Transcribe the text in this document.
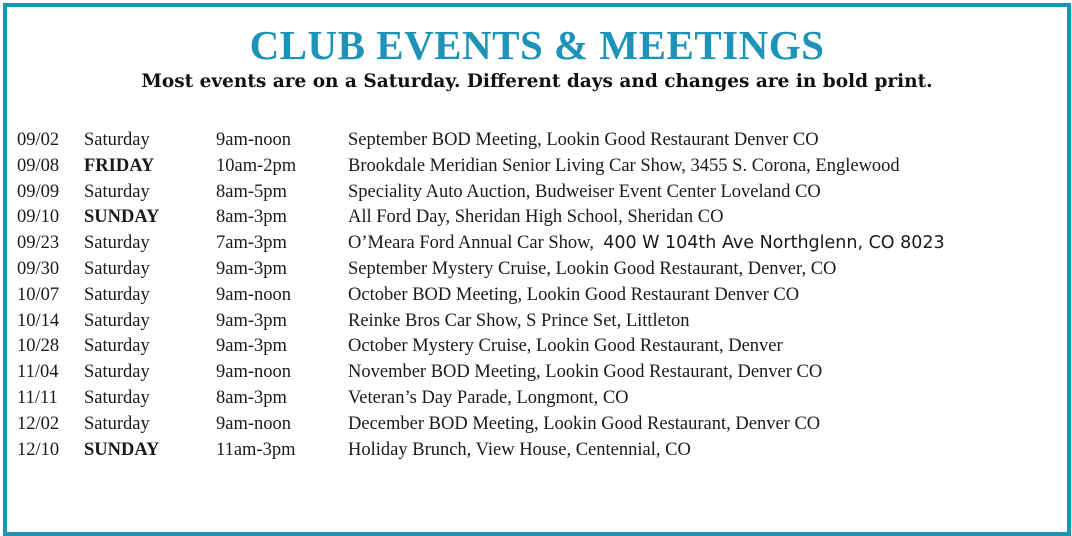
CLUB EVENTS & MEETINGS
Most events are on a Saturday. Different days and changes are in bold print.
09/02 Saturday	9am-noon	September BOD Meeting, Lookin Good Restaurant Denver CO
09/08 FRIDAY	10am-2pm	Brookdale Meridian Senior Living Car Show, 3455 S. Corona, Englewood
09/09 Saturday	8am-5pm	Speciality Auto Auction, Budweiser Event Center Loveland CO
09/10 SUNDAY	8am-3pm	All Ford Day, Sheridan High School, Sheridan CO
09/23 Saturday	7am-3pm	O’Meara Ford Annual Car Show,  400 W 104th Ave Northglenn, CO 8023
09/30 Saturday	9am-3pm	September Mystery Cruise, Lookin Good Restaurant, Denver, CO
10/07 Saturday	9am-noon	October BOD Meeting, Lookin Good Restaurant Denver CO
10/14 Saturday	9am-3pm	Reinke Bros Car Show, S Prince Set, Littleton
10/28 Saturday	9am-3pm	October Mystery Cruise, Lookin Good Restaurant, Denver
11/04 Saturday	9am-noon	November BOD Meeting, Lookin Good Restaurant, Denver CO
11/11 Saturday	8am-3pm	Veteran’s Day Parade, Longmont, CO
12/02 Saturday	9am-noon	December BOD Meeting, Lookin Good Restaurant, Denver CO
12/10 SUNDAY	11am-3pm	Holiday Brunch, View House, Centennial, CO
